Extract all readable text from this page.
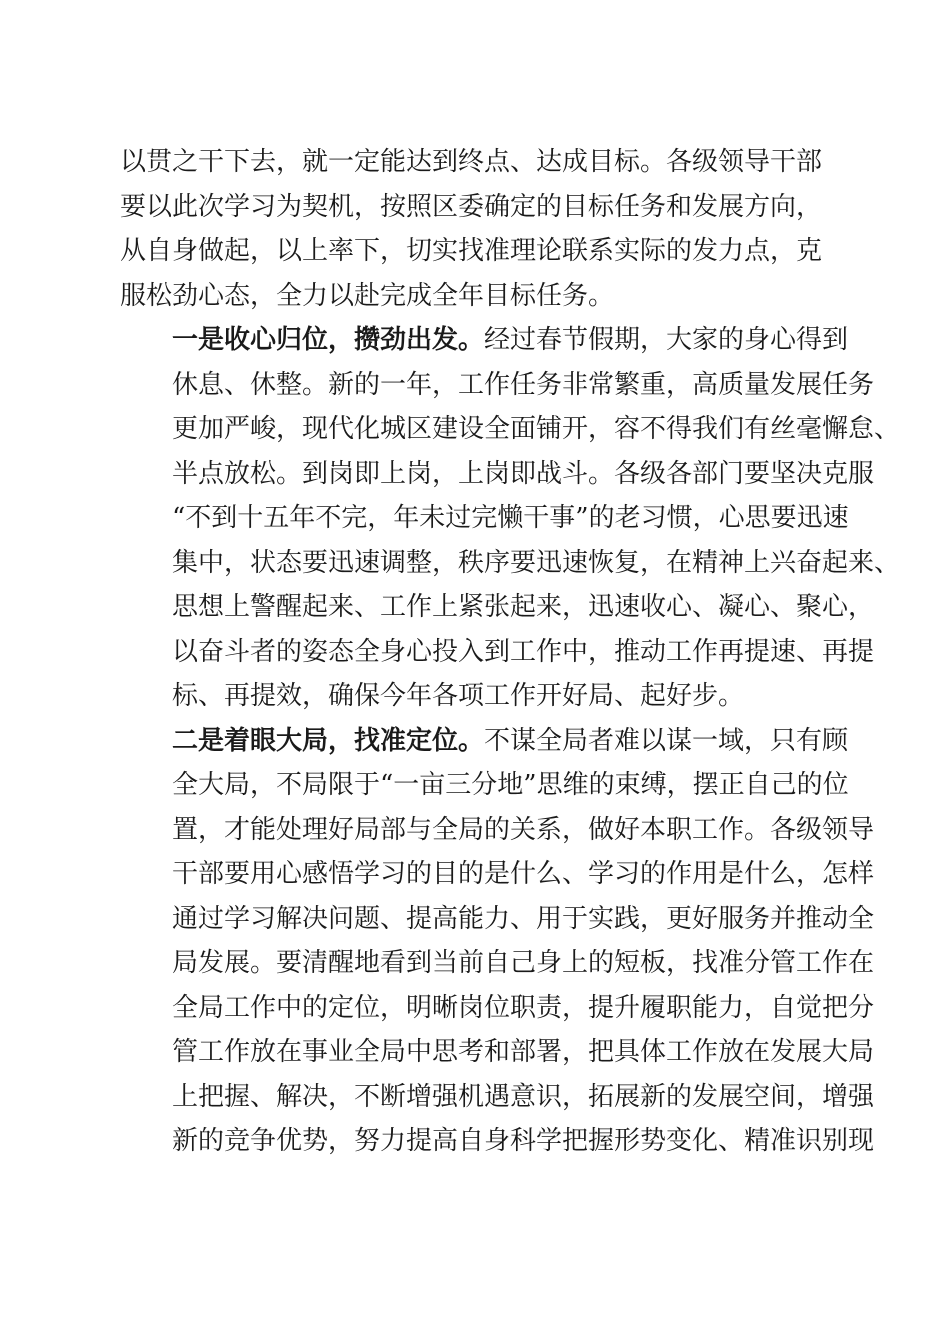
以贯之干下去，就一定能达到终点、达成目标。各级领导干部
要以此次学习为契机，按照区委确定的目标任务和发展方向，
从自身做起，以上率下，切实找准理论联系实际的发力点，克
服松劲心态，全力以赴完成全年目标任务。

一是收心归位，攒劲出发。经过春节假期，大家的身心得到
休息、休整。新的一年，工作任务非常繁重，高质量发展任务
更加严峻，现代化城区建设全面铺开，容不得我们有丝毫懈怠、
半点放松。到岗即上岗，上岗即战斗。各级各部门要坚决克服
“不到十五年不完，年未过完懒干事”的老习惯，心思要迅速
集中，状态要迅速调整，秩序要迅速恢复，在精神上兴奋起来、
思想上警醒起来、工作上紧张起来，迅速收心、凝心、聚心，
以奋斗者的姿态全身心投入到工作中，推动工作再提速、再提
标、再提效，确保今年各项工作开好局、起好步。

二是着眼大局，找准定位。不谋全局者难以谋一域，只有顾
全大局，不局限于“一亩三分地”思维的束缚，摆正自己的位
置，才能处理好局部与全局的关系，做好本职工作。各级领导
干部要用心感悟学习的目的是什么、学习的作用是什么，怎样
通过学习解决问题、提高能力、用于实践，更好服务并推动全
局发展。要清醒地看到当前自己身上的短板，找准分管工作在
全局工作中的定位，明晰岗位职责，提升履职能力，自觉把分
管工作放在事业全局中思考和部署，把具体工作放在发展大局
上把握、解决，不断增强机遇意识，拓展新的发展空间，增强
新的竞争优势，努力提高自身科学把握形势变化、精准识别现
